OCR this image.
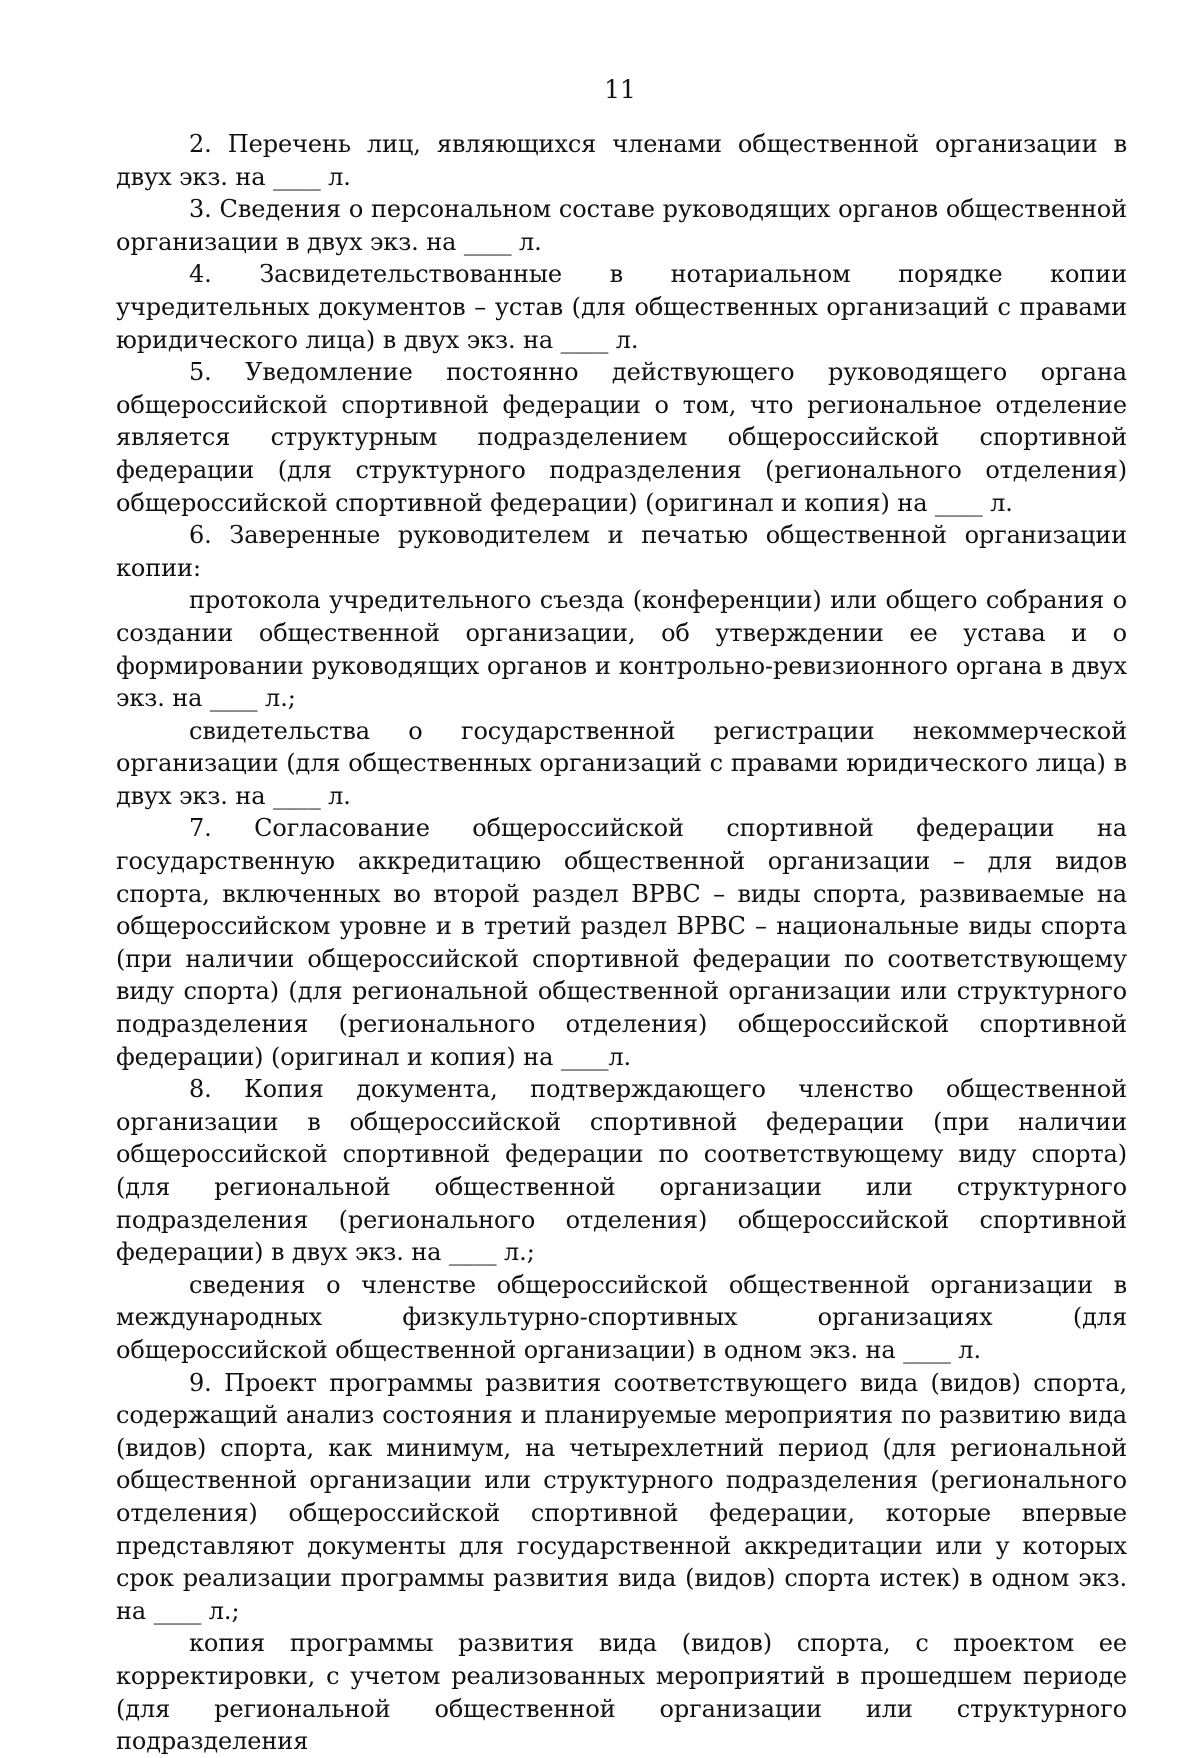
11

2. Перечень лиц, являющихся членами общественной организации в двух экз. на ____ л.

3. Сведения о персональном составе руководящих органов общественной организации в двух экз. на ____ л.

4. Засвидетельствованные в нотариальном порядке копии учредительных документов – устав (для общественных организаций с правами юридического лица) в двух экз. на ____ л.

5. Уведомление постоянно действующего руководящего органа общероссийской спортивной федерации о том, что региональное отделение является структурным подразделением общероссийской спортивной федерации (для структурного подразделения (регионального отделения) общероссийской спортивной федерации) (оригинал и копия) на ____ л.

6. Заверенные руководителем и печатью общественной организации копии:

протокола учредительного съезда (конференции) или общего собрания о создании общественной организации, об утверждении ее устава и о формировании руководящих органов и контрольно-ревизионного органа в двух экз. на ____ л.;

свидетельства о государственной регистрации некоммерческой организации (для общественных организаций с правами юридического лица) в двух экз. на ____ л.

7. Согласование общероссийской спортивной федерации на государственную аккредитацию общественной организации – для видов спорта, включенных во второй раздел ВРВС – виды спорта, развиваемые на общероссийском уровне и в третий раздел ВРВС – национальные виды спорта (при наличии общероссийской спортивной федерации по соответствующему виду спорта) (для региональной общественной организации или структурного подразделения (регионального отделения) общероссийской спортивной федерации) (оригинал и копия) на ____л.

8. Копия документа, подтверждающего членство общественной организации в общероссийской спортивной федерации (при наличии общероссийской спортивной федерации по соответствующему виду спорта) (для региональной общественной организации или структурного подразделения (регионального отделения) общероссийской спортивной федерации) в двух экз. на ____ л.;

сведения о членстве общероссийской общественной организации в международных физкультурно-спортивных организациях (для общероссийской общественной организации) в одном экз. на ____ л.

9. Проект программы развития соответствующего вида (видов) спорта, содержащий анализ состояния и планируемые мероприятия по развитию вида (видов) спорта, как минимум, на четырехлетний период (для региональной общественной организации или структурного подразделения (регионального отделения) общероссийской спортивной федерации, которые впервые представляют документы для государственной аккредитации или у которых срок реализации программы развития вида (видов) спорта истек) в одном экз. на ____ л.;

копия программы развития вида (видов) спорта, с проектом ее корректировки, с учетом реализованных мероприятий в прошедшем периоде (для региональной общественной организации или структурного подразделения
